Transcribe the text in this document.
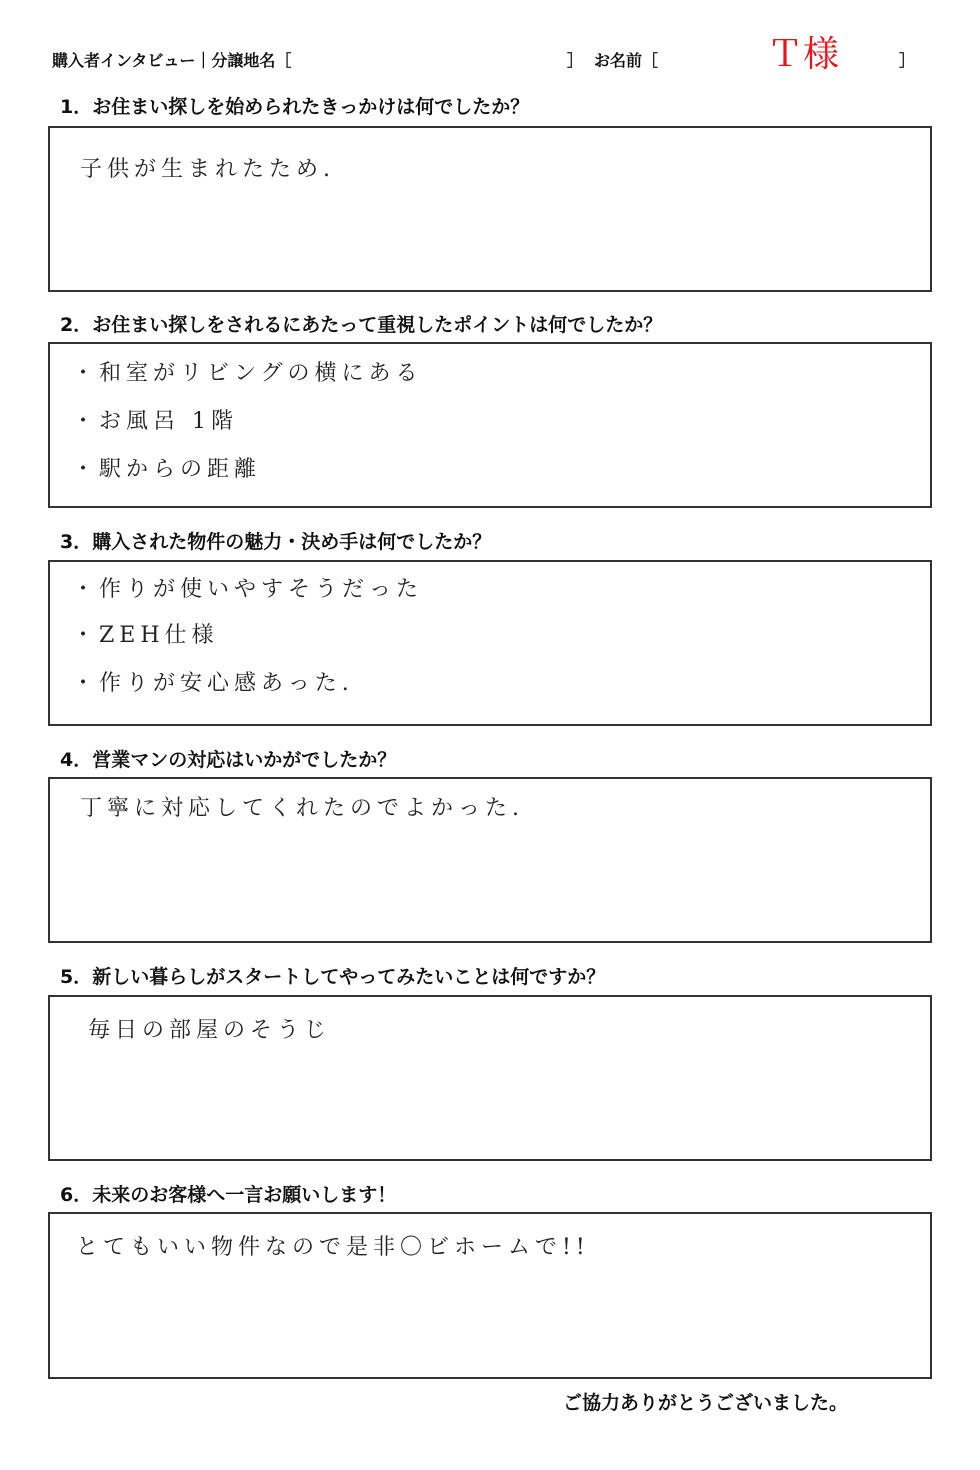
購入者インタビュー｜分譲地名［	］ お名前［	Ｔ様	］
1．お住まい探しを始められたきっかけは何でしたか？
子供が生まれたため.
2．お住まい探しをされるにあたって重視したポイントは何でしたか？
・和室がリビングの横にある
・お風呂 1階
・駅からの距離
3．購入された物件の魅力・決め手は何でしたか？
・作りが使いやすそうだった
・ZEH仕様
・作りが安心感あった.
4．営業マンの対応はいかがでしたか？
丁寧に対応してくれたのでよかった.
5．新しい暮らしがスタートしてやってみたいことは何ですか？
毎日の部屋のそうじ
6．未来のお客様へ一言お願いします！
とてもいい物件なので是非〇ビホームで!!
ご協力ありがとうございました。
